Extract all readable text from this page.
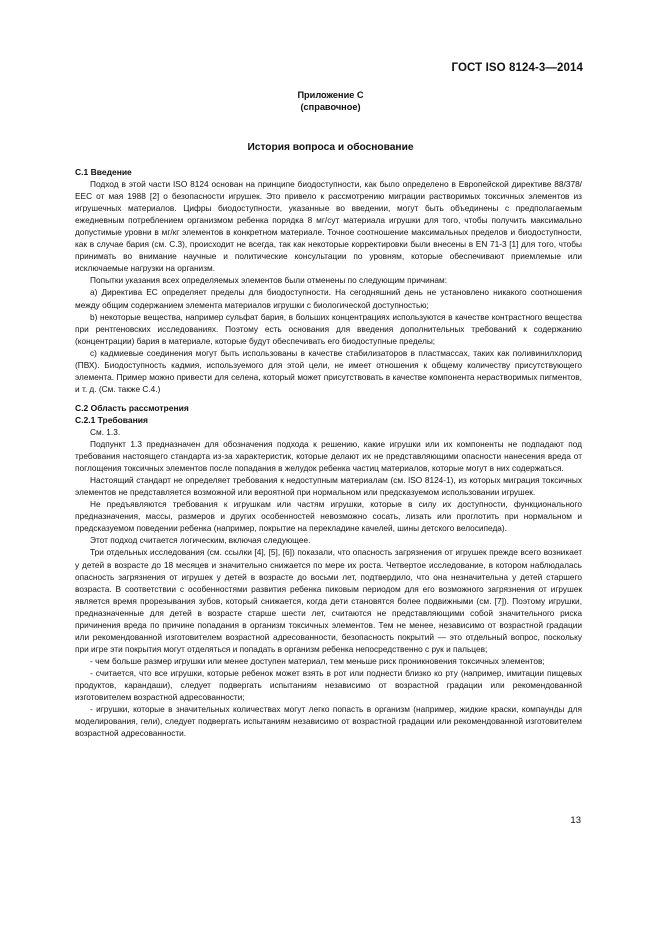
ГОСТ ISO 8124-3—2014
Приложение С
(справочное)
История вопроса и обоснование
С.1 Введение

Подход в этой части ISO 8124 основан на принципе биодоступности, как было определено в Европейской директиве 88/378/ЕЕС от мая 1988 [2] о безопасности игрушек. Это привело к рассмотрению миграции растворимых токсичных элементов из игрушечных материалов. Цифры биодоступности, указанные во введении, могут быть объединены с предполагаемым ежедневным потреблением организмом ребенка порядка 8 мг/сут материала игрушки для того, чтобы получить максимально допустимые уровни в мг/кг элементов в конкретном материале. Точное соотношение максимальных пределов и биодоступности, как в случае бария (см. С.3), происходит не всегда, так как некоторые корректировки были внесены в EN 71-3 [1] для того, чтобы принимать во внимание научные и политические консультации по уровням, которые обеспечивают приемлемые или исключаемые нагрузки на организм.

Попытки указания всех определяемых элементов были отменены по следующим причинам:

а) Директива ЕС определяет пределы для биодоступности. На сегодняшний день не установлено никакого соотношения между общим содержанием элемента материалов игрушки с биологической доступностью;

b) некоторые вещества, например сульфат бария, в больших концентрациях используются в качестве контрастного вещества при рентгеновских исследованиях. Поэтому есть основания для введения дополнительных требований к содержанию (концентрации) бария в материале, которые будут обеспечивать его биодоступные пределы;

с) кадмиевые соединения могут быть использованы в качестве стабилизаторов в пластмассах, таких как поливинилхлорид (ПВХ). Биодоступность кадмия, используемого для этой цели, не имеет отношения к общему количеству присутствующего элемента. Пример можно привести для селена, который может присутствовать в качестве компонента нерастворимых пигментов, и т. д. (См. также С.4.)

С.2 Область рассмотрения
С.2.1 Требования

См. 1.3.

Подпункт 1.3 предназначен для обозначения подхода к решению, какие игрушки или их компоненты не подпадают под требования настоящего стандарта из-за характеристик, которые делают их не представляющими опасности нанесения вреда от поглощения токсичных элементов после попадания в желудок ребенка частиц материалов, которые могут в них содержаться.

Настоящий стандарт не определяет требования к недоступным материалам (см. ISO 8124-1), из которых миграция токсичных элементов не представляется возможной или вероятной при нормальном или предсказуемом использовании игрушек.

Не предъявляются требования к игрушкам или частям игрушки, которые в силу их доступности, функционального предназначения, массы, размеров и других особенностей невозможно сосать, лизать или проглотить при нормальном и предсказуемом поведении ребенка (например, покрытие на перекладине качелей, шины детского велосипеда).

Этот подход считается логическим, включая следующее.

Три отдельных исследования (см. ссылки [4], [5], [6]) показали, что опасность загрязнения от игрушек прежде всего возникает у детей в возрасте до 18 месяцев и значительно снижается по мере их роста. Четвертое исследование, в котором наблюдалась опасность загрязнения от игрушек у детей в возрасте до восьми лет, подтвердило, что она незначительна у детей старшего возраста. В соответствии с особенностями развития ребенка пиковым периодом для его возможного загрязнения от игрушек является время прорезывания зубов, который снижается, когда дети становятся более подвижными (см. [7]). Поэтому игрушки, предназначенные для детей в возрасте старше шести лет, считаются не представляющими собой значительного риска причинения вреда по причине попадания в организм токсичных элементов. Тем не менее, независимо от возрастной градации или рекомендованной изготовителем возрастной адресованности, безопасность покрытий — это отдельный вопрос, поскольку при игре эти покрытия могут отделяться и попадать в организм ребенка непосредственно с рук и пальцев;

- чем больше размер игрушки или менее доступен материал, тем меньше риск проникновения токсичных элементов;

- считается, что все игрушки, которые ребенок может взять в рот или поднести близко ко рту (например, имитации пищевых продуктов, карандаши), следует подвергать испытаниям независимо от возрастной градации или рекомендованной изготовителем возрастной адресованности;

- игрушки, которые в значительных количествах могут легко попасть в организм (например, жидкие краски, компаунды для моделирования, гели), следует подвергать испытаниям независимо от возрастной градации или рекомендованной изготовителем возрастной адресованности.

13
